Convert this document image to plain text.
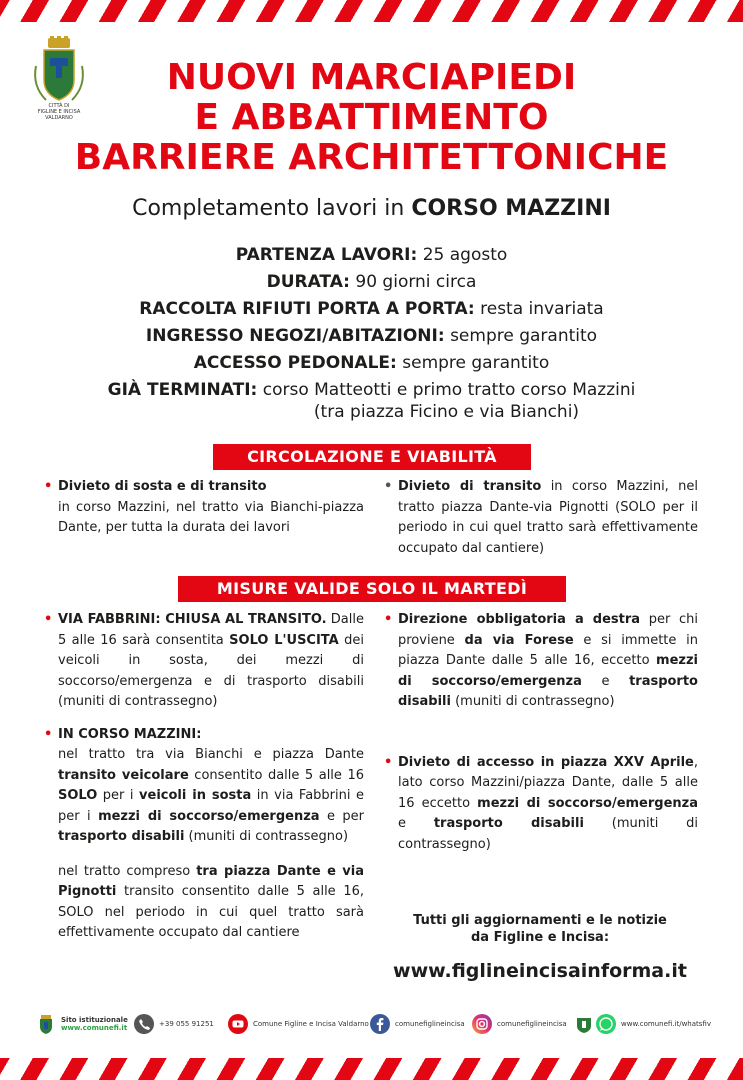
CITTÀ DI
FIGLINE E INCISA
VALDARNO
NUOVI MARCIAPIEDI
E ABBATTIMENTO
BARRIERE ARCHITETTONICHE
Completamento lavori in CORSO MAZZINI
PARTENZA LAVORI: 25 agosto
DURATA: 90 giorni circa
RACCOLTA RIFIUTI PORTA A PORTA: resta invariata
INGRESSO NEGOZI/ABITAZIONI: sempre garantito
ACCESSO PEDONALE: sempre garantito
GIÀ TERMINATI: corso Matteotti e primo tratto corso Mazzini
(tra piazza Ficino e via Bianchi)
CIRCOLAZIONE E VIABILITÀ
• Divieto di sosta e di transito
in corso Mazzini, nel tratto via Bianchi-piazza Dante, per tutta la durata dei lavori
• Divieto di transito in corso Mazzini, nel tratto piazza Dante-via Pignotti (SOLO per il periodo in cui quel tratto sarà effettivamente occupato dal cantiere)
MISURE VALIDE SOLO IL MARTEDÌ
• VIA FABBRINI: CHIUSA AL TRANSITO. Dalle 5 alle 16 sarà consentita SOLO L'USCITA dei veicoli in sosta, dei mezzi di soccorso/emergenza e di trasporto disabili (muniti di contrassegno)
• IN CORSO MAZZINI:
nel tratto tra via Bianchi e piazza Dante transito veicolare consentito dalle 5 alle 16 SOLO per i veicoli in sosta in via Fabbrini e per i mezzi di soccorso/emergenza e per trasporto disabili (muniti di contrassegno)
nel tratto compreso tra piazza Dante e via Pignotti transito consentito dalle 5 alle 16, SOLO nel periodo in cui quel tratto sarà effettivamente occupato dal cantiere
• Direzione obbligatoria a destra per chi proviene da via Forese e si immette in piazza Dante dalle 5 alle 16, eccetto mezzi di soccorso/emergenza e trasporto disabili (muniti di contrassegno)
• Divieto di accesso in piazza XXV Aprile, lato corso Mazzini/piazza Dante, dalle 5 alle 16 eccetto mezzi di soccorso/emergenza e trasporto disabili (muniti di contrassegno)
Tutti gli aggiornamenti e le notizie
da Figline e Incisa:
www.figlineincisainforma.it
Sito istituzionale
www.comunefi.it	+39 055 91251	Comune Figline e Incisa Valdarno	comunefiglineincisa	comunefiglineincisa	www.comunefi.it/whatsfiv
